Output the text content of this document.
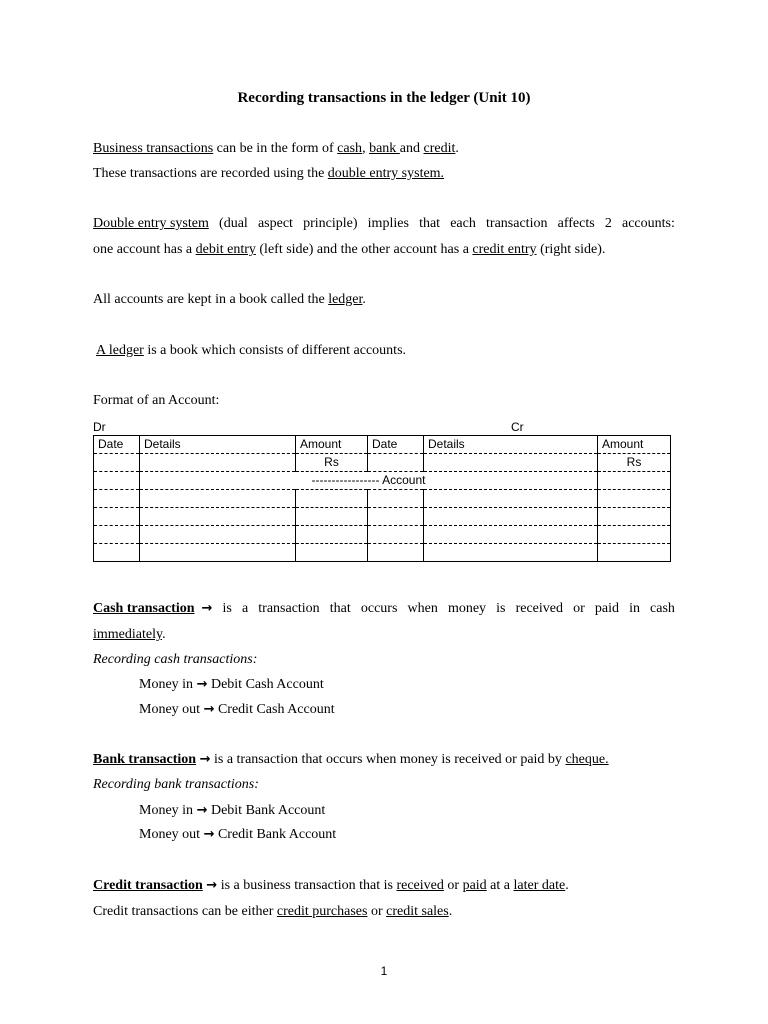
Recording transactions in the ledger (Unit 10)
Business transactions can be in the form of cash, bank and credit.
These transactions are recorded using the double entry system.
Double entry system (dual aspect principle) implies that each transaction affects 2 accounts:
one account has a debit entry (left side) and the other account has a credit entry (right side).
All accounts are kept in a book called the ledger.
A ledger is a book which consists of different accounts.
Format of an Account:
Dr	Cr
Date	Details	Amount	Date	Details	Amount
		Rs			Rs
	----------------- Account				

Cash transaction → is a transaction that occurs when money is received or paid in cash
immediately.
Recording cash transactions:
Money in → Debit Cash Account
Money out → Credit Cash Account
Bank transaction → is a transaction that occurs when money is received or paid by cheque.
Recording bank transactions:
Money in → Debit Bank Account
Money out → Credit Bank Account
Credit transaction → is a business transaction that is received or paid at a later date.
Credit transactions can be either credit purchases or credit sales.
1
